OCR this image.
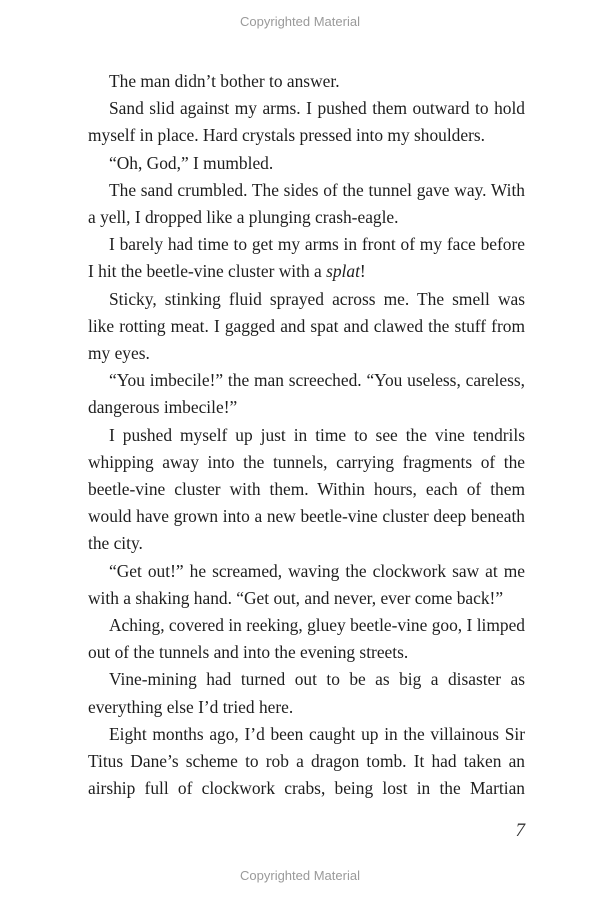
Copyrighted Material

The man didn’t bother to answer.

Sand slid against my arms. I pushed them outward to hold myself in place. Hard crystals pressed into my shoulders.

“Oh, God,” I mumbled.

The sand crumbled. The sides of the tunnel gave way. With a yell, I dropped like a plunging crash-eagle.

I barely had time to get my arms in front of my face before I hit the beetle-vine cluster with a splat!

Sticky, stinking fluid sprayed across me. The smell was like rotting meat. I gagged and spat and clawed the stuff from my eyes.

“You imbecile!” the man screeched. “You useless, careless, dangerous imbecile!”

I pushed myself up just in time to see the vine tendrils whipping away into the tunnels, carrying fragments of the beetle-vine cluster with them. Within hours, each of them would have grown into a new beetle-vine cluster deep beneath the city.

“Get out!” he screamed, waving the clockwork saw at me with a shaking hand. “Get out, and never, ever come back!”

Aching, covered in reeking, gluey beetle-vine goo, I limped out of the tunnels and into the evening streets.

Vine-mining had turned out to be as big a disaster as everything else I’d tried here.

Eight months ago, I’d been caught up in the villainous Sir Titus Dane’s scheme to rob a dragon tomb. It had taken an airship full of clockwork crabs, being lost in the Martian

7
Copyrighted Material
